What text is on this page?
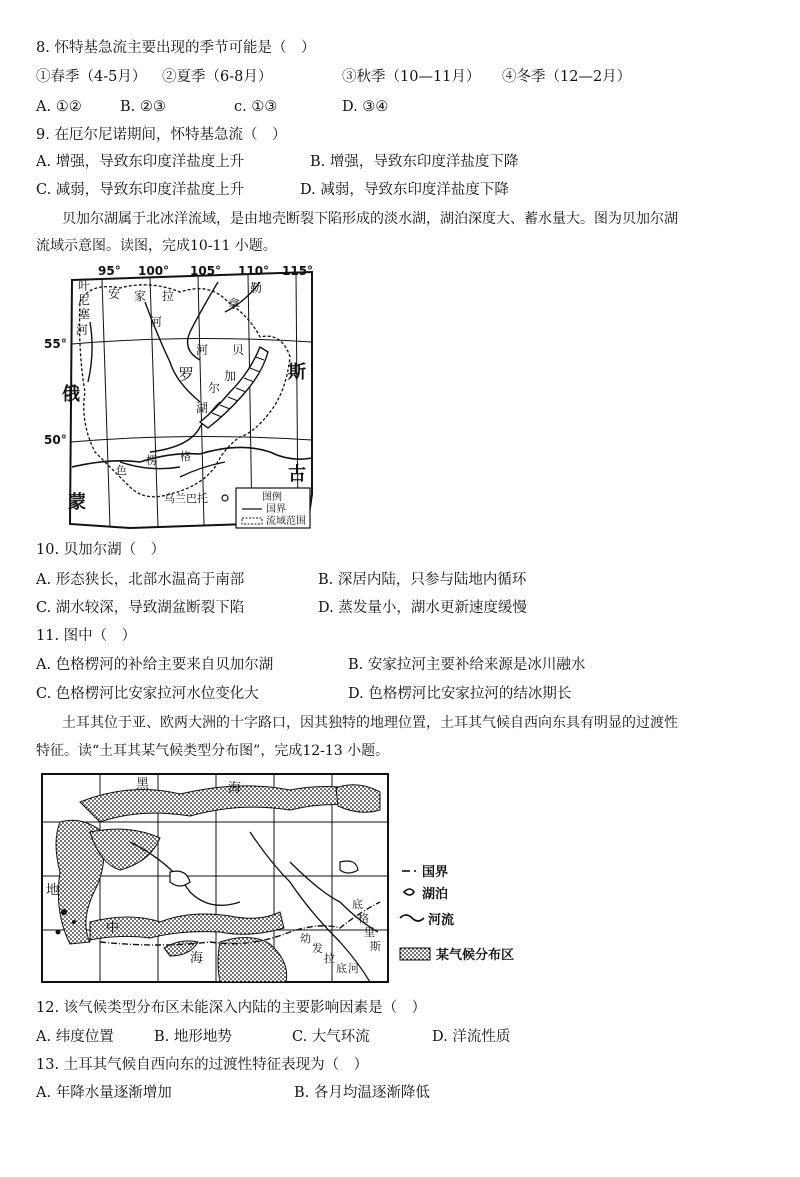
8. 怀特基急流主要出现的季节可能是（　）
①春季（4-5月） ②夏季（6-8月）	③秋季（10—11月） ④冬季（12—2月）
A. ①②	B. ②③	c. ①③	D. ③④
9. 在厄尔尼诺期间，怀特基急流（　）
A. 增强，导致东印度洋盐度上升	B. 增强，导致东印度洋盐度下降
C. 减弱，导致东印度洋盐度上升	D. 减弱，导致东印度洋盐度下降
贝加尔湖属于北冰洋流域，是由地壳断裂下陷形成的淡水湖，湖泊深度大、蓄水量大。图为贝加尔湖
流域示意图。读图，完成10-11 小题。
95° 100° 105° 110° 115°
55°
50°
叶
尼
塞
河
安 家 拉
河
勒
拿
河 贝
加
尔
湖
罗
俄
斯
色
楞 格
乌兰巴托
蒙
古
图例
国界
流域范围
10. 贝加尔湖（　）
A. 形态狭长，北部水温高于南部	B. 深居内陆，只参与陆地内循环
C. 湖水较深，导致湖盆断裂下陷	D. 蒸发量小，湖水更新速度缓慢
11. 图中（　）
A. 色格楞河的补给主要来自贝加尔湖	B. 安家拉河主要补给来源是冰川融水
C. 色格楞河比安家拉河水位变化大	D. 色格楞河比安家拉河的结冰期长
土耳其位于亚、欧两大洲的十字路口，因其独特的地理位置，土耳其气候自西向东具有明显的过渡性
特征。读“土耳其某气候类型分布图”，完成12-13 小题。
黑	海
地
中
海
底
格
里
斯
幼
发
拉
底 河
国界
湖泊
河流
某气候分布区
12. 该气候类型分布区未能深入内陆的主要影响因素是（　）
A. 纬度位置	B. 地形地势	C. 大气环流	D. 洋流性质
13. 土耳其气候自西向东的过渡性特征表现为（　）
A. 年降水量逐渐增加	B. 各月均温逐渐降低
